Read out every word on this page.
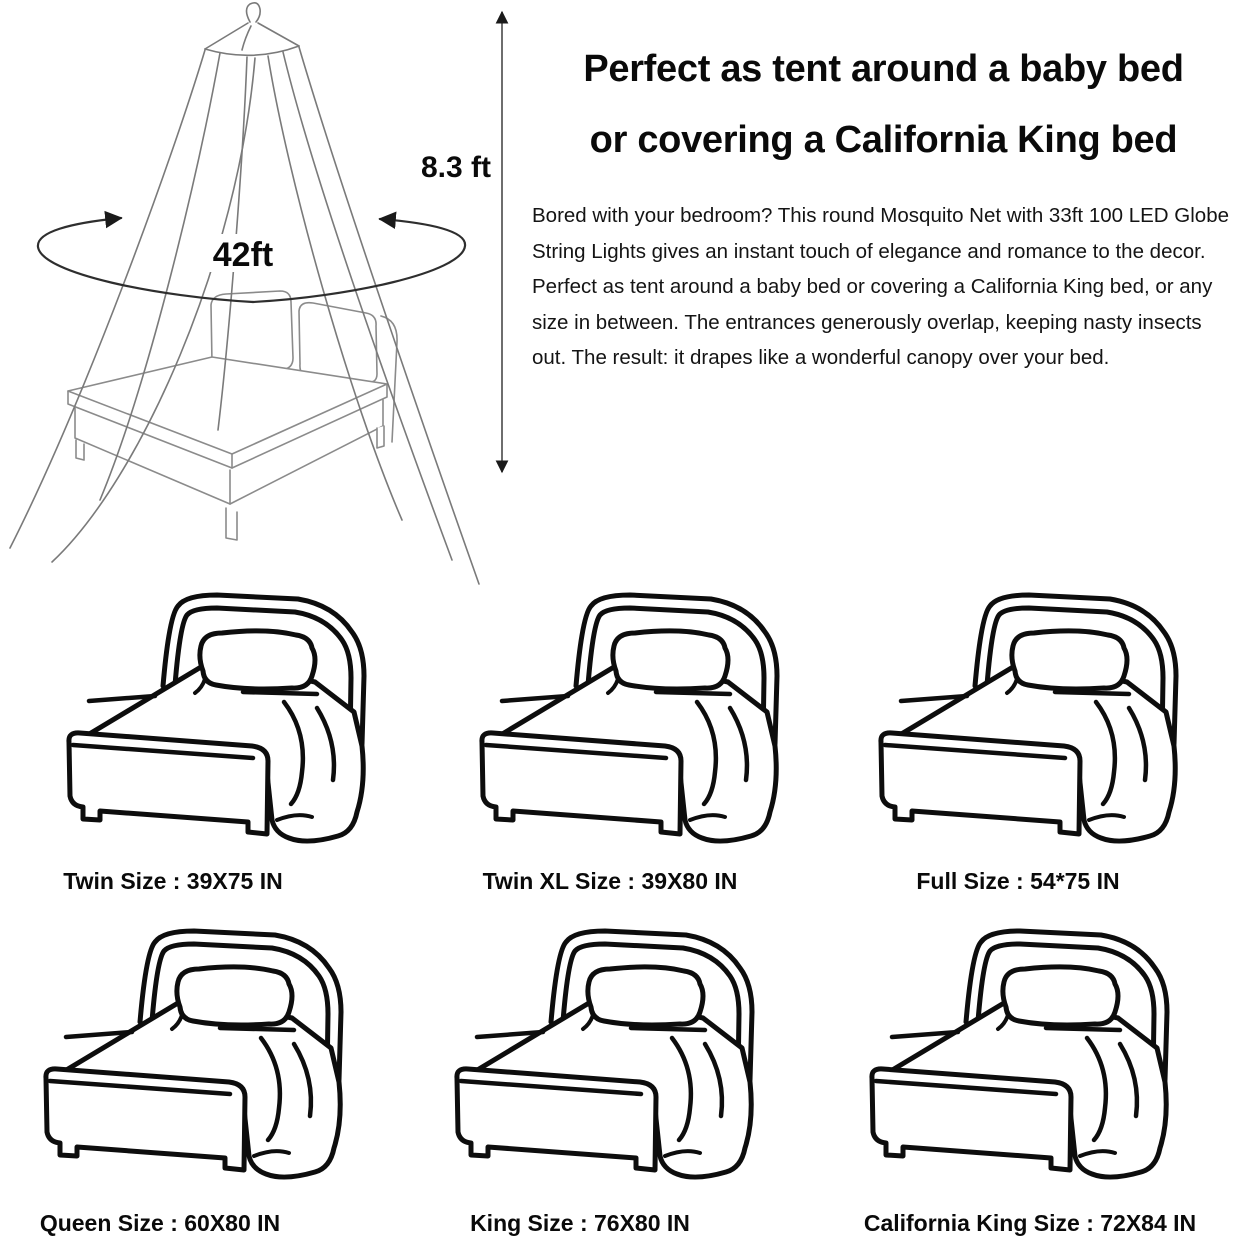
42ft
8.3 ft
Perfect as tent around a baby bed
or covering a California King bed

Bored with your bedroom? This round Mosquito Net with 33ft 100 LED Globe String Lights gives an instant touch of elegance and romance to the decor. Perfect as tent around a baby bed or covering a California King bed, or any size in between. The entrances generously overlap, keeping nasty insects out. The result: it drapes like a wonderful canopy over your bed.

Twin Size : 39X75 IN	Twin XL Size : 39X80 IN	Full Size : 54*75 IN
Queen Size : 60X80 IN	King Size : 76X80 IN	California King Size : 72X84 IN
